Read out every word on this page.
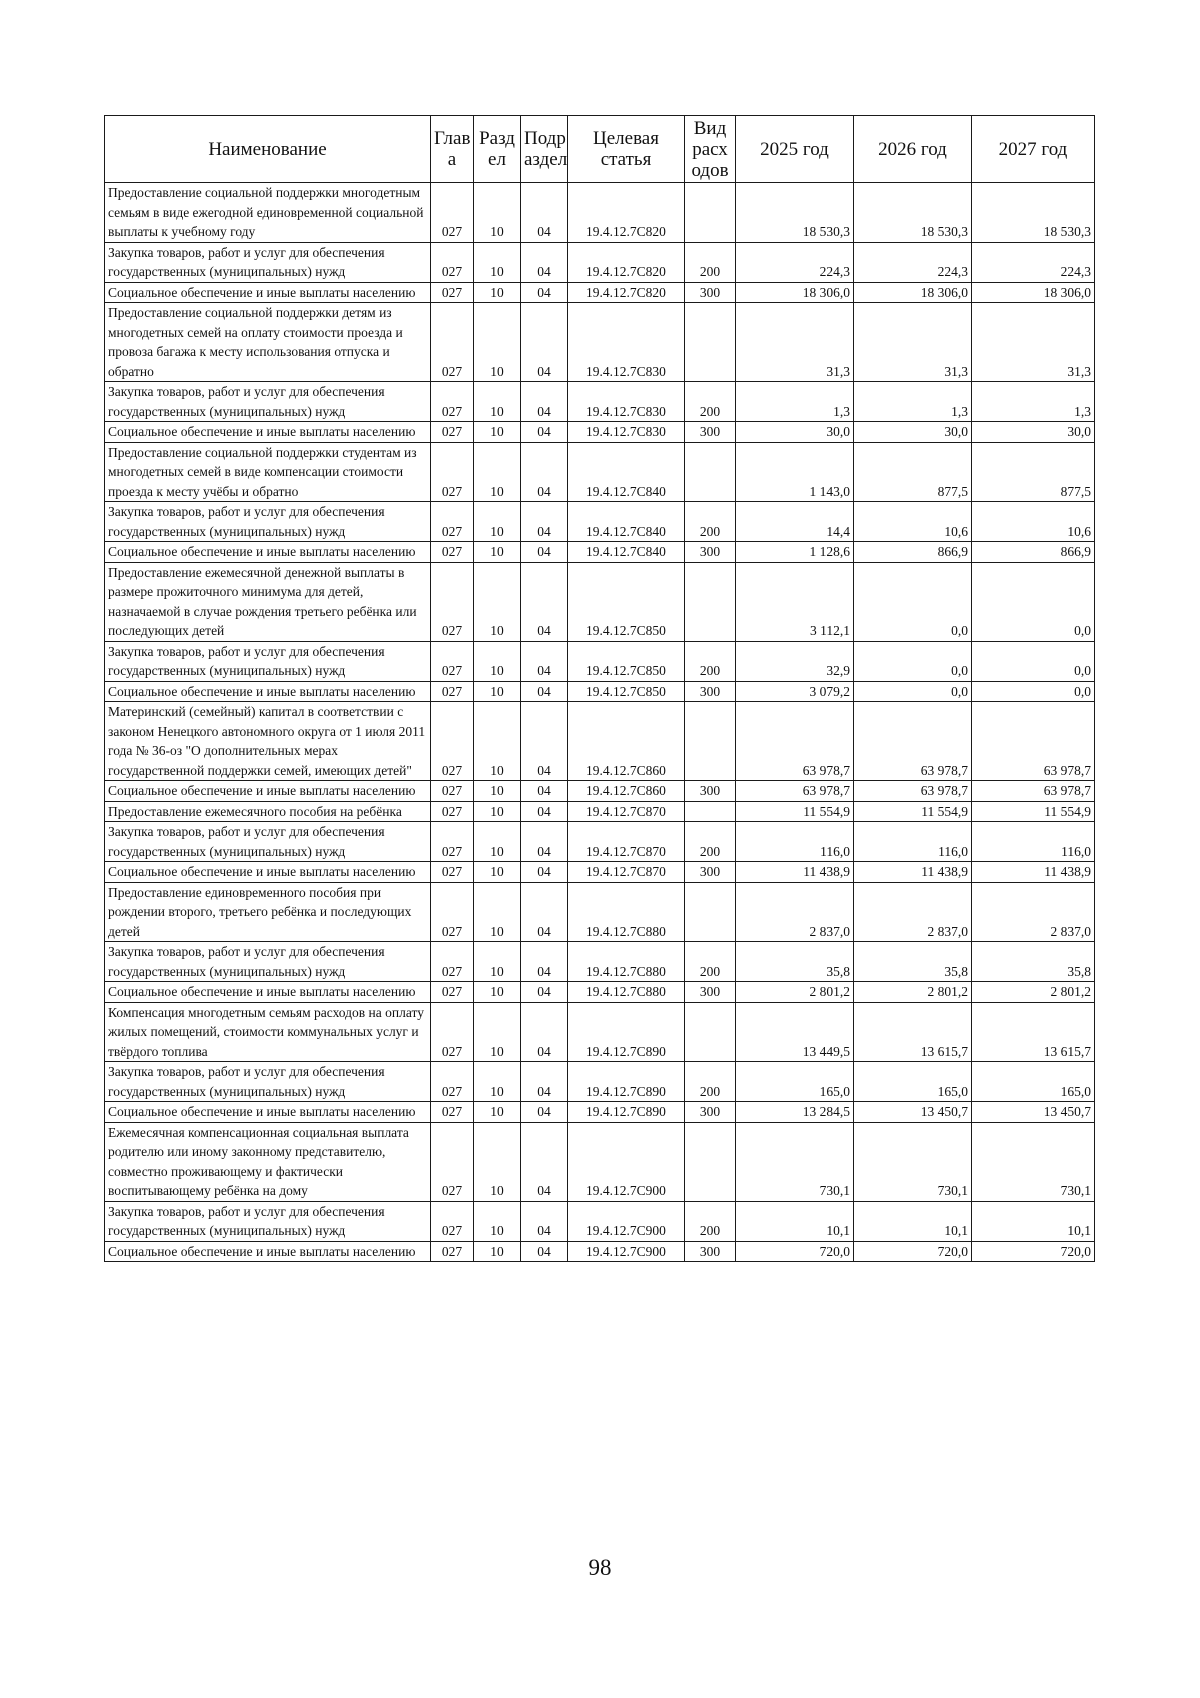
Наименование	Глав а	Разд ел	Подр аздел	Целевая статья	Вид расх одов	2025 год	2026 год	2027 год
Предоставление социальной поддержки многодетным семьям в виде ежегодной единовременной социальной выплаты к учебному году	027	10	04	19.4.12.7С820		18 530,3	18 530,3	18 530,3
Закупка товаров, работ и услуг для обеспечения государственных (муниципальных) нужд	027	10	04	19.4.12.7С820	200	224,3	224,3	224,3
Социальное обеспечение и иные выплаты населению	027	10	04	19.4.12.7С820	300	18 306,0	18 306,0	18 306,0
Предоставление социальной поддержки детям из многодетных семей на оплату стоимости проезда и провоза багажа к месту использования отпуска и обратно	027	10	04	19.4.12.7С830		31,3	31,3	31,3
Закупка товаров, работ и услуг для обеспечения государственных (муниципальных) нужд	027	10	04	19.4.12.7С830	200	1,3	1,3	1,3
Социальное обеспечение и иные выплаты населению	027	10	04	19.4.12.7С830	300	30,0	30,0	30,0
Предоставление социальной поддержки студентам из многодетных семей в виде компенсации стоимости проезда к месту учёбы и обратно	027	10	04	19.4.12.7С840		1 143,0	877,5	877,5
Закупка товаров, работ и услуг для обеспечения государственных (муниципальных) нужд	027	10	04	19.4.12.7С840	200	14,4	10,6	10,6
Социальное обеспечение и иные выплаты населению	027	10	04	19.4.12.7С840	300	1 128,6	866,9	866,9
Предоставление ежемесячной денежной выплаты в размере прожиточного минимума для детей, назначаемой в случае рождения третьего ребёнка или последующих детей	027	10	04	19.4.12.7С850		3 112,1	0,0	0,0
Закупка товаров, работ и услуг для обеспечения государственных (муниципальных) нужд	027	10	04	19.4.12.7С850	200	32,9	0,0	0,0
Социальное обеспечение и иные выплаты населению	027	10	04	19.4.12.7С850	300	3 079,2	0,0	0,0
Материнский (семейный) капитал в соответствии с законом Ненецкого автономного округа от 1 июля 2011 года № 36-оз "О дополнительных мерах государственной поддержки семей, имеющих детей"	027	10	04	19.4.12.7С860		63 978,7	63 978,7	63 978,7
Социальное обеспечение и иные выплаты населению	027	10	04	19.4.12.7С860	300	63 978,7	63 978,7	63 978,7
Предоставление ежемесячного пособия на ребёнка	027	10	04	19.4.12.7С870		11 554,9	11 554,9	11 554,9
Закупка товаров, работ и услуг для обеспечения государственных (муниципальных) нужд	027	10	04	19.4.12.7С870	200	116,0	116,0	116,0
Социальное обеспечение и иные выплаты населению	027	10	04	19.4.12.7С870	300	11 438,9	11 438,9	11 438,9
Предоставление единовременного пособия при рождении второго, третьего ребёнка и последующих детей	027	10	04	19.4.12.7С880		2 837,0	2 837,0	2 837,0
Закупка товаров, работ и услуг для обеспечения государственных (муниципальных) нужд	027	10	04	19.4.12.7С880	200	35,8	35,8	35,8
Социальное обеспечение и иные выплаты населению	027	10	04	19.4.12.7С880	300	2 801,2	2 801,2	2 801,2
Компенсация многодетным семьям расходов на оплату жилых помещений, стоимости коммунальных услуг и твёрдого топлива	027	10	04	19.4.12.7С890		13 449,5	13 615,7	13 615,7
Закупка товаров, работ и услуг для обеспечения государственных (муниципальных) нужд	027	10	04	19.4.12.7С890	200	165,0	165,0	165,0
Социальное обеспечение и иные выплаты населению	027	10	04	19.4.12.7С890	300	13 284,5	13 450,7	13 450,7
Ежемесячная компенсационная социальная выплата родителю или иному законному представителю, совместно проживающему и фактически воспитывающему ребёнка на дому	027	10	04	19.4.12.7С900		730,1	730,1	730,1
Закупка товаров, работ и услуг для обеспечения государственных (муниципальных) нужд	027	10	04	19.4.12.7С900	200	10,1	10,1	10,1
Социальное обеспечение и иные выплаты населению	027	10	04	19.4.12.7С900	300	720,0	720,0	720,0
98
